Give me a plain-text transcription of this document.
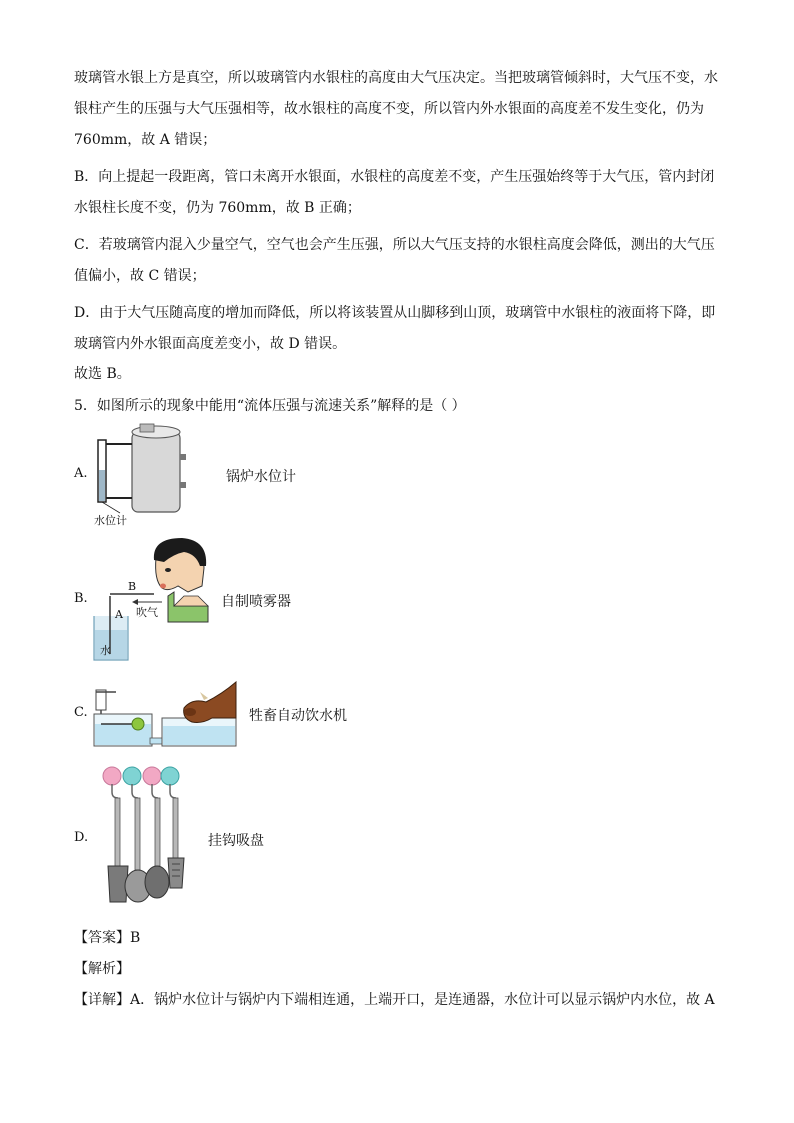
玻璃管水银上方是真空，所以玻璃管内水银柱的高度由大气压决定。当把玻璃管倾斜时，大气压不变，水
银柱产生的压强与大气压强相等，故水银柱的高度不变，所以管内外水银面的高度差不发生变化，仍为
760mm，故 A 错误；
B．向上提起一段距离，管口未离开水银面，水银柱的高度差不变，产生压强始终等于大气压，管内封闭
水银柱长度不变，仍为 760mm，故 B 正确；
C．若玻璃管内混入少量空气，空气也会产生压强，所以大气压支持的水银柱高度会降低，测出的大气压
值偏小，故 C 错误；
D．由于大气压随高度的增加而降低，所以将该装置从山脚移到山顶，玻璃管中水银柱的液面将下降，即
玻璃管内外水银面高度差变小，故 D 错误。
故选 B。
5．如图所示的现象中能用“流体压强与流速关系”解释的是（ ）
A.
水位计
锅炉水位计
B.
水
B
A 吹气
自制喷雾器
C.	牲畜自动饮水机
D.	挂钩吸盘
【答案】B
【解析】
【详解】A．锅炉水位计与锅炉内下端相连通，上端开口，是连通器，水位计可以显示锅炉内水位，故 A
